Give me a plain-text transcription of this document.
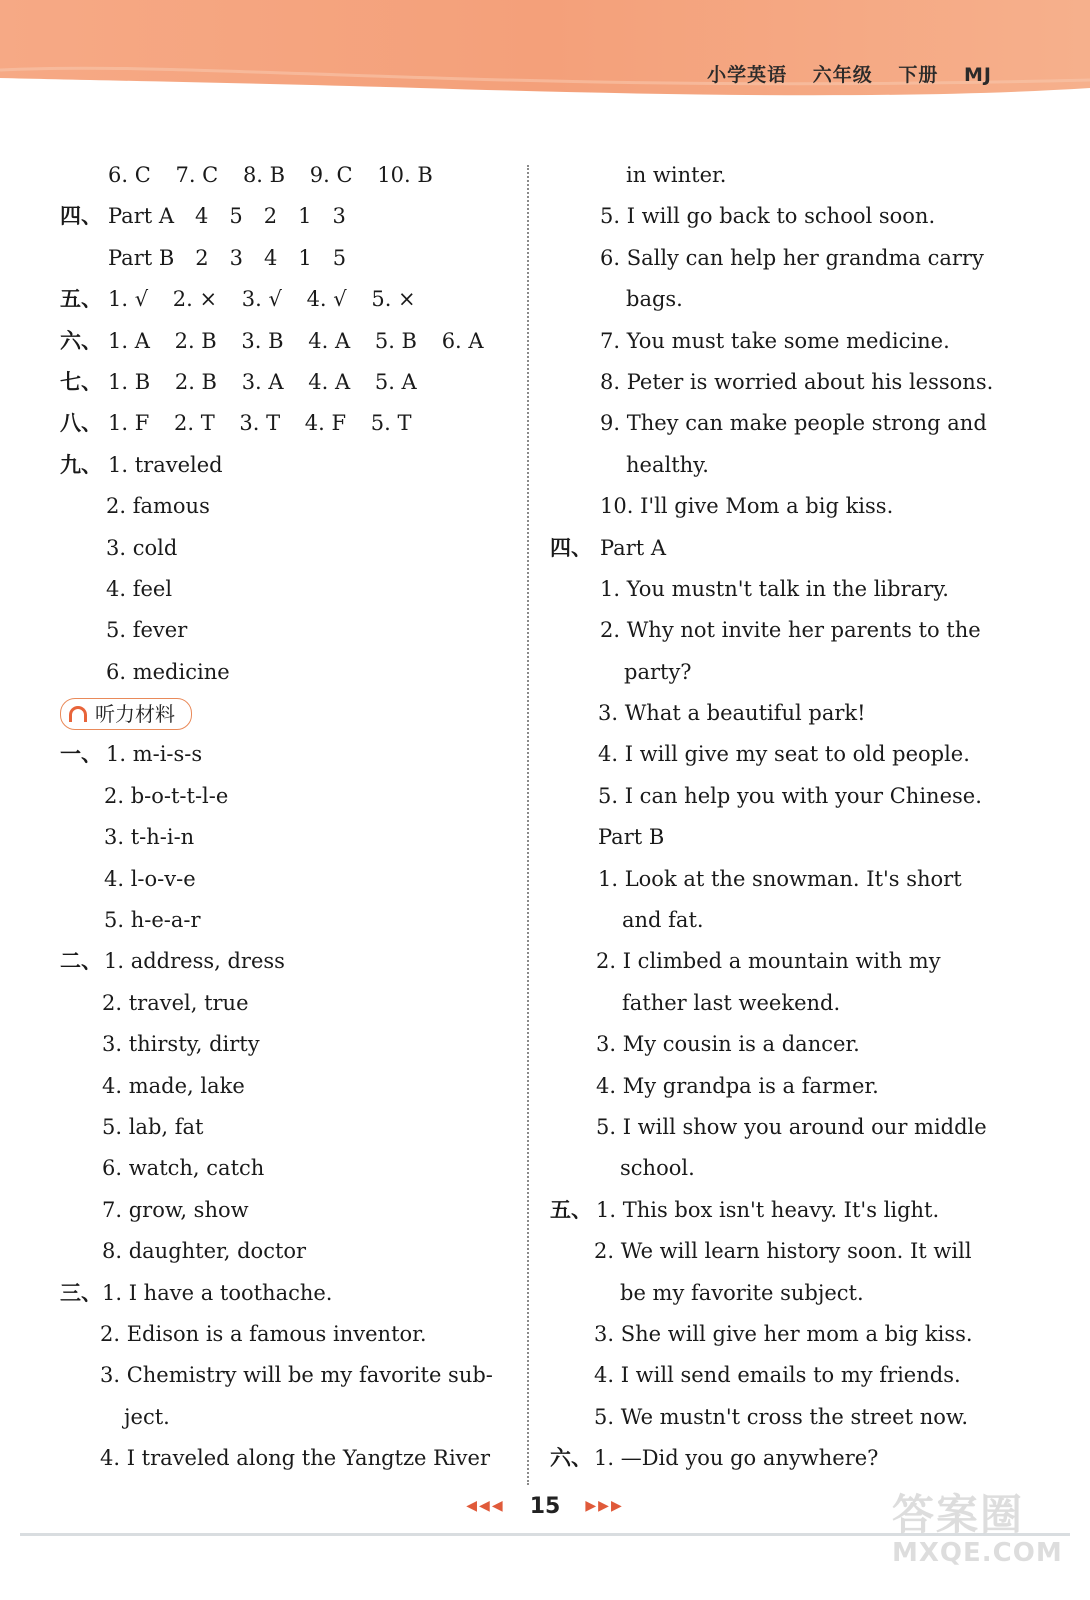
小学英语 六年级 下册 MJ
6. C 7. C 8. B 9. C 10. B
四、 Part A　 4　5　2　1　3
Part B　 2　3　4　1　5
五、 1. √ 2. × 3. √ 4. √ 5. ×
六、 1. A 2. B 3. B 4. A 5. B 6. A
七、 1. B 2. B 3. A 4. A 5. A
八、 1. F 2. T 3. T 4. F 5. T
九、 1. traveled
2. famous
3. cold
4. feel
5. fever
6. medicine
听力材料
一、 1. m-i-s-s
2. b-o-t-t-l-e
3. t-h-i-n
4. l-o-v-e
5. h-e-a-r
二、 1. address, dress
2. travel, true
3. thirsty, dirty
4. made, lake
5. lab, fat
6. watch, catch
7. grow, show
8. daughter, doctor
三、 1. I have a toothache.
2. Edison is a famous inventor.
3. Chemistry will be my favorite sub-
ject.
4. I traveled along the Yangtze River
in winter.
5. I will go back to school soon.
6. Sally can help her grandma carry
bags.
7. You must take some medicine.
8. Peter is worried about his lessons.
9. They can make people strong and
healthy.
10. I'll give Mom a big kiss.
四、 Part A
1. You mustn't talk in the library.
2. Why not invite her parents to the
party?
3. What a beautiful park!
4. I will give my seat to old people.
5. I can help you with your Chinese.
Part B
1. Look at the snowman. It's short
and fat.
2. I climbed a mountain with my
father last weekend.
3. My cousin is a dancer.
4. My grandpa is a farmer.
5. I will show you around our middle
school.
五、 1. This box isn't heavy. It's light.
2. We will learn history soon. It will
be my favorite subject.
3. She will give her mom a big kiss.
4. I will send emails to my friends.
5. We mustn't cross the street now.
六、 1. —Did you go anywhere?
◀◀◀ 15 ▶▶▶	答案圈
MXQE.COM
